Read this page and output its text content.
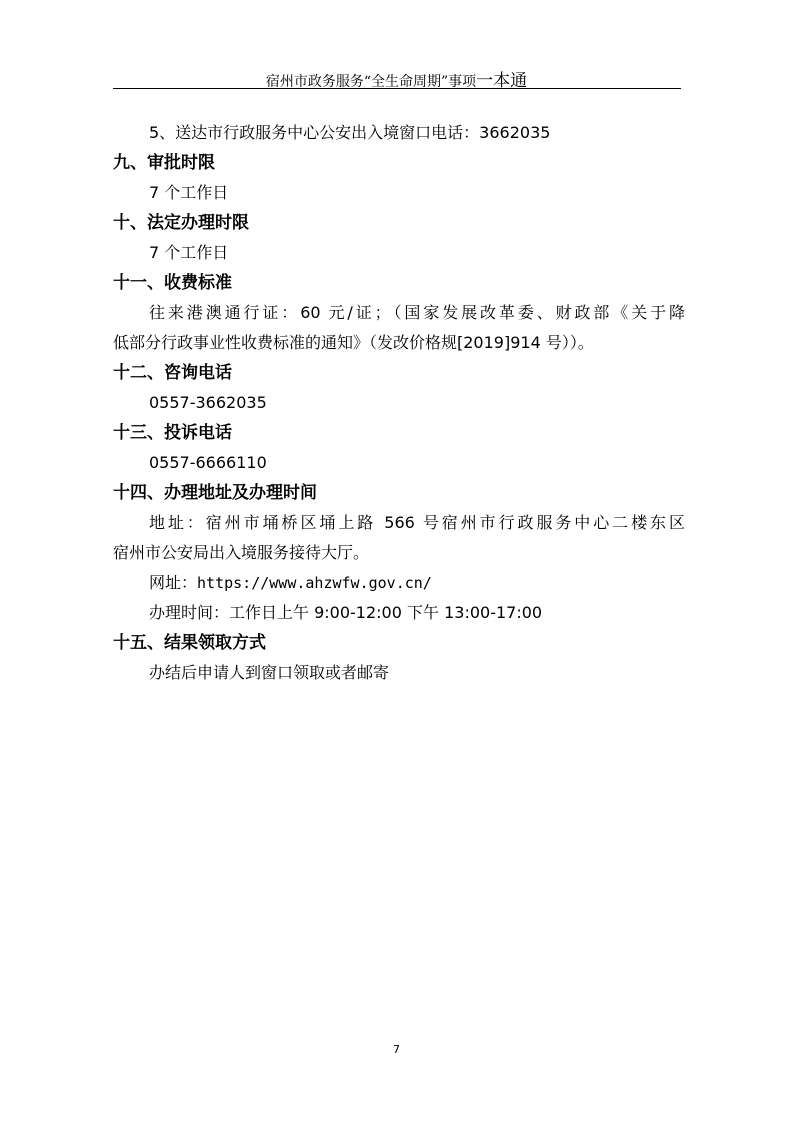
宿州市政务服务“全生命周期”事项一本通
5、送达市行政服务中心公安出入境窗口电话：3662035
九、审批时限
7 个工作日
十、法定办理时限
7 个工作日
十一、收费标准
往来港澳通行证：60 元/证；（国家发展改革委、财政部《关于降
低部分行政事业性收费标准的通知》（发改价格规[2019]914 号））。
十二、咨询电话
0557-3662035
十三、投诉电话
0557-6666110
十四、办理地址及办理时间
地址：宿州市埇桥区埇上路 566 号宿州市行政服务中心二楼东区
宿州市公安局出入境服务接待大厅。
网址：https://www.ahzwfw.gov.cn/
办理时间：工作日上午 9:00-12:00 下午 13:00-17:00
十五、结果领取方式
办结后申请人到窗口领取或者邮寄
7
